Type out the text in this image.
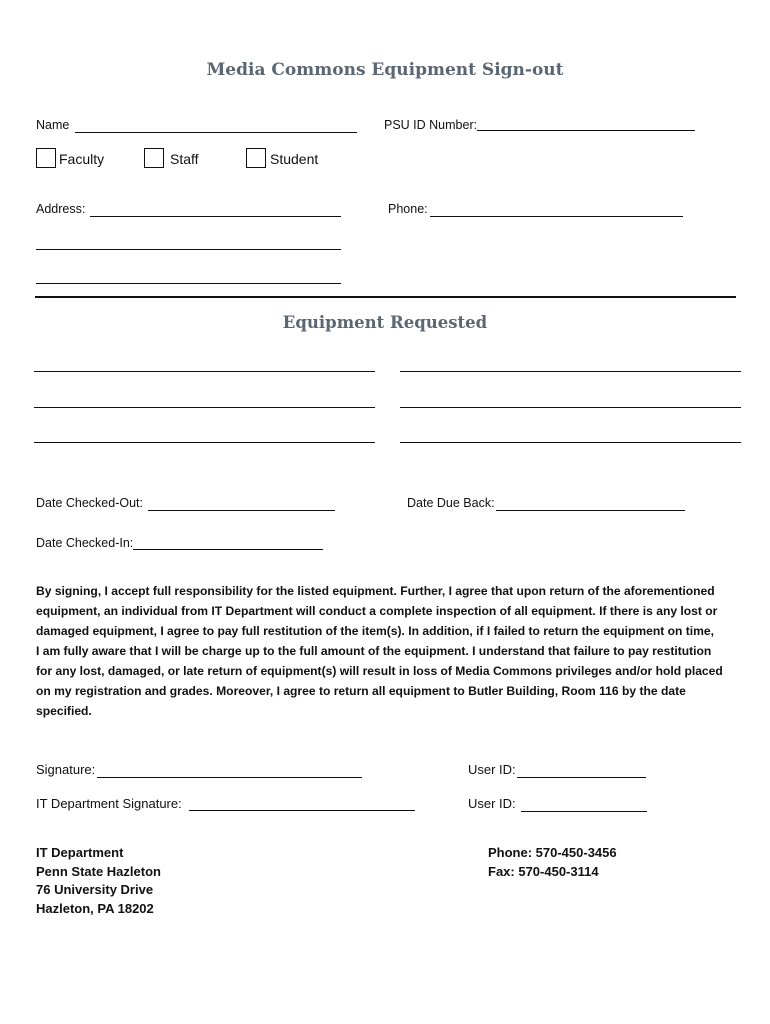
Media Commons Equipment Sign-out
Name	PSU ID Number:
Faculty	Staff	Student
Address:	Phone:
Equipment Requested
Date Checked-Out:	Date Due Back:
Date Checked-In:
By signing, I accept full responsibility for the listed equipment. Further, I agree that upon return of the aforementioned
equipment, an individual from IT Department will conduct a complete inspection of all equipment. If there is any lost or
damaged equipment, I agree to pay full restitution of the item(s). In addition, if I failed to return the equipment on time,
I am fully aware that I will be charge up to the full amount of the equipment. I understand that failure to pay restitution
for any lost, damaged, or late return of equipment(s) will result in loss of Media Commons privileges and/or hold placed
on my registration and grades. Moreover, I agree to return all equipment to Butler Building, Room 116 by the date
specified.
Signature:	User ID:
IT Department Signature:	User ID:
IT Department
Penn State Hazleton
76 University Drive
Hazleton, PA 18202
Phone: 570-450-3456
Fax: 570-450-3114
